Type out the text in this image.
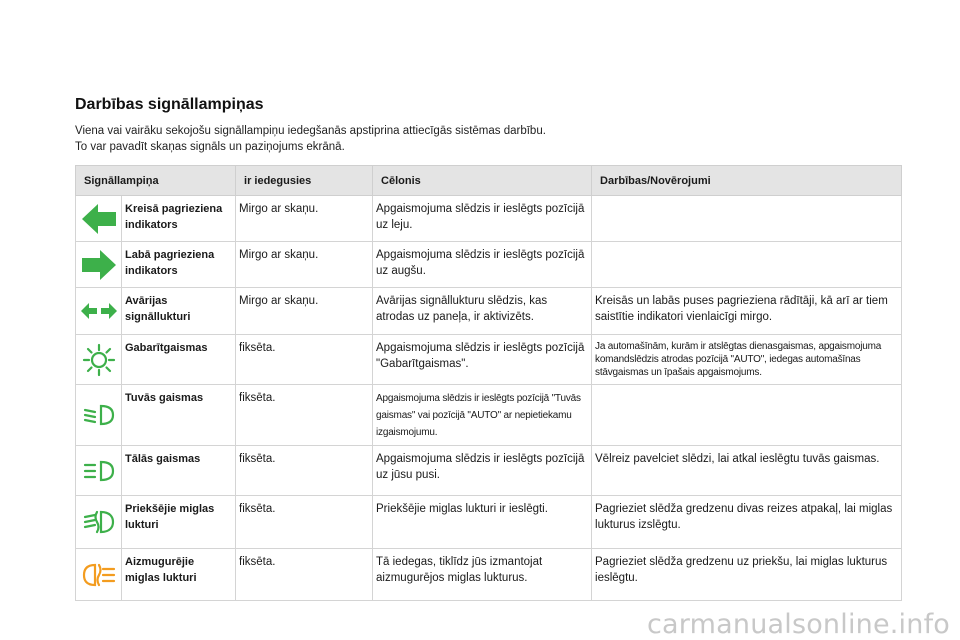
Darbības signāllampiņas
Viena vai vairāku sekojošu signāllampiņu iedegšanās apstiprina attiecīgās sistēmas darbību.
To var pavadīt skaņas signāls un paziņojums ekrānā.
Signāllampiņa		ir iedegusies	Cēlonis	Darbības/Novērojumi

	Kreisā pagrieziena indikators	Mirgo ar skaņu.	Apgaismojuma slēdzis ir ieslēgts pozīcijā uz leju.	

	Labā pagrieziena indikators	Mirgo ar skaņu.	Apgaismojuma slēdzis ir ieslēgts pozīcijā uz augšu.	

	Avārijas signāllukturi	Mirgo ar skaņu.	Avārijas signāllukturu slēdzis, kas atrodas uz paneļa, ir aktivizēts.	Kreisās un labās puses pagrieziena rādītāji, kā arī ar tiem saistītie indikatori vienlaicīgi mirgo.

	Gabarītgaismas	fiksēta.	Apgaismojuma slēdzis ir ieslēgts pozīcijā "Gabarītgaismas".	Ja automašīnām, kurām ir atslēgtas dienasgaismas, apgaismojuma komandslēdzis atrodas pozīcijā "AUTO", iedegas automašīnas stāvgaismas un īpašais apgaismojums.

	Tuvās gaismas	fiksēta.	Apgaismojuma slēdzis ir ieslēgts pozīcijā "Tuvās gaismas" vai pozīcijā "AUTO" ar nepietiekamu izgaismojumu.	

	Tālās gaismas	fiksēta.	Apgaismojuma slēdzis ir ieslēgts pozīcijā uz jūsu pusi.	Vēlreiz pavelciet slēdzi, lai atkal ieslēgtu tuvās gaismas.

	Priekšējie miglas lukturi	fiksēta.	Priekšējie miglas lukturi ir ieslēgti.	Pagrieziet slēdža gredzenu divas reizes atpakaļ, lai miglas lukturus izslēgtu.

	Aizmugurējie miglas lukturi	fiksēta.	Tā iedegas, tiklīdz jūs izmantojat aizmugurējos miglas lukturus.	Pagrieziet slēdža gredzenu uz priekšu, lai miglas lukturus ieslēgtu.
carmanualsonline.info
